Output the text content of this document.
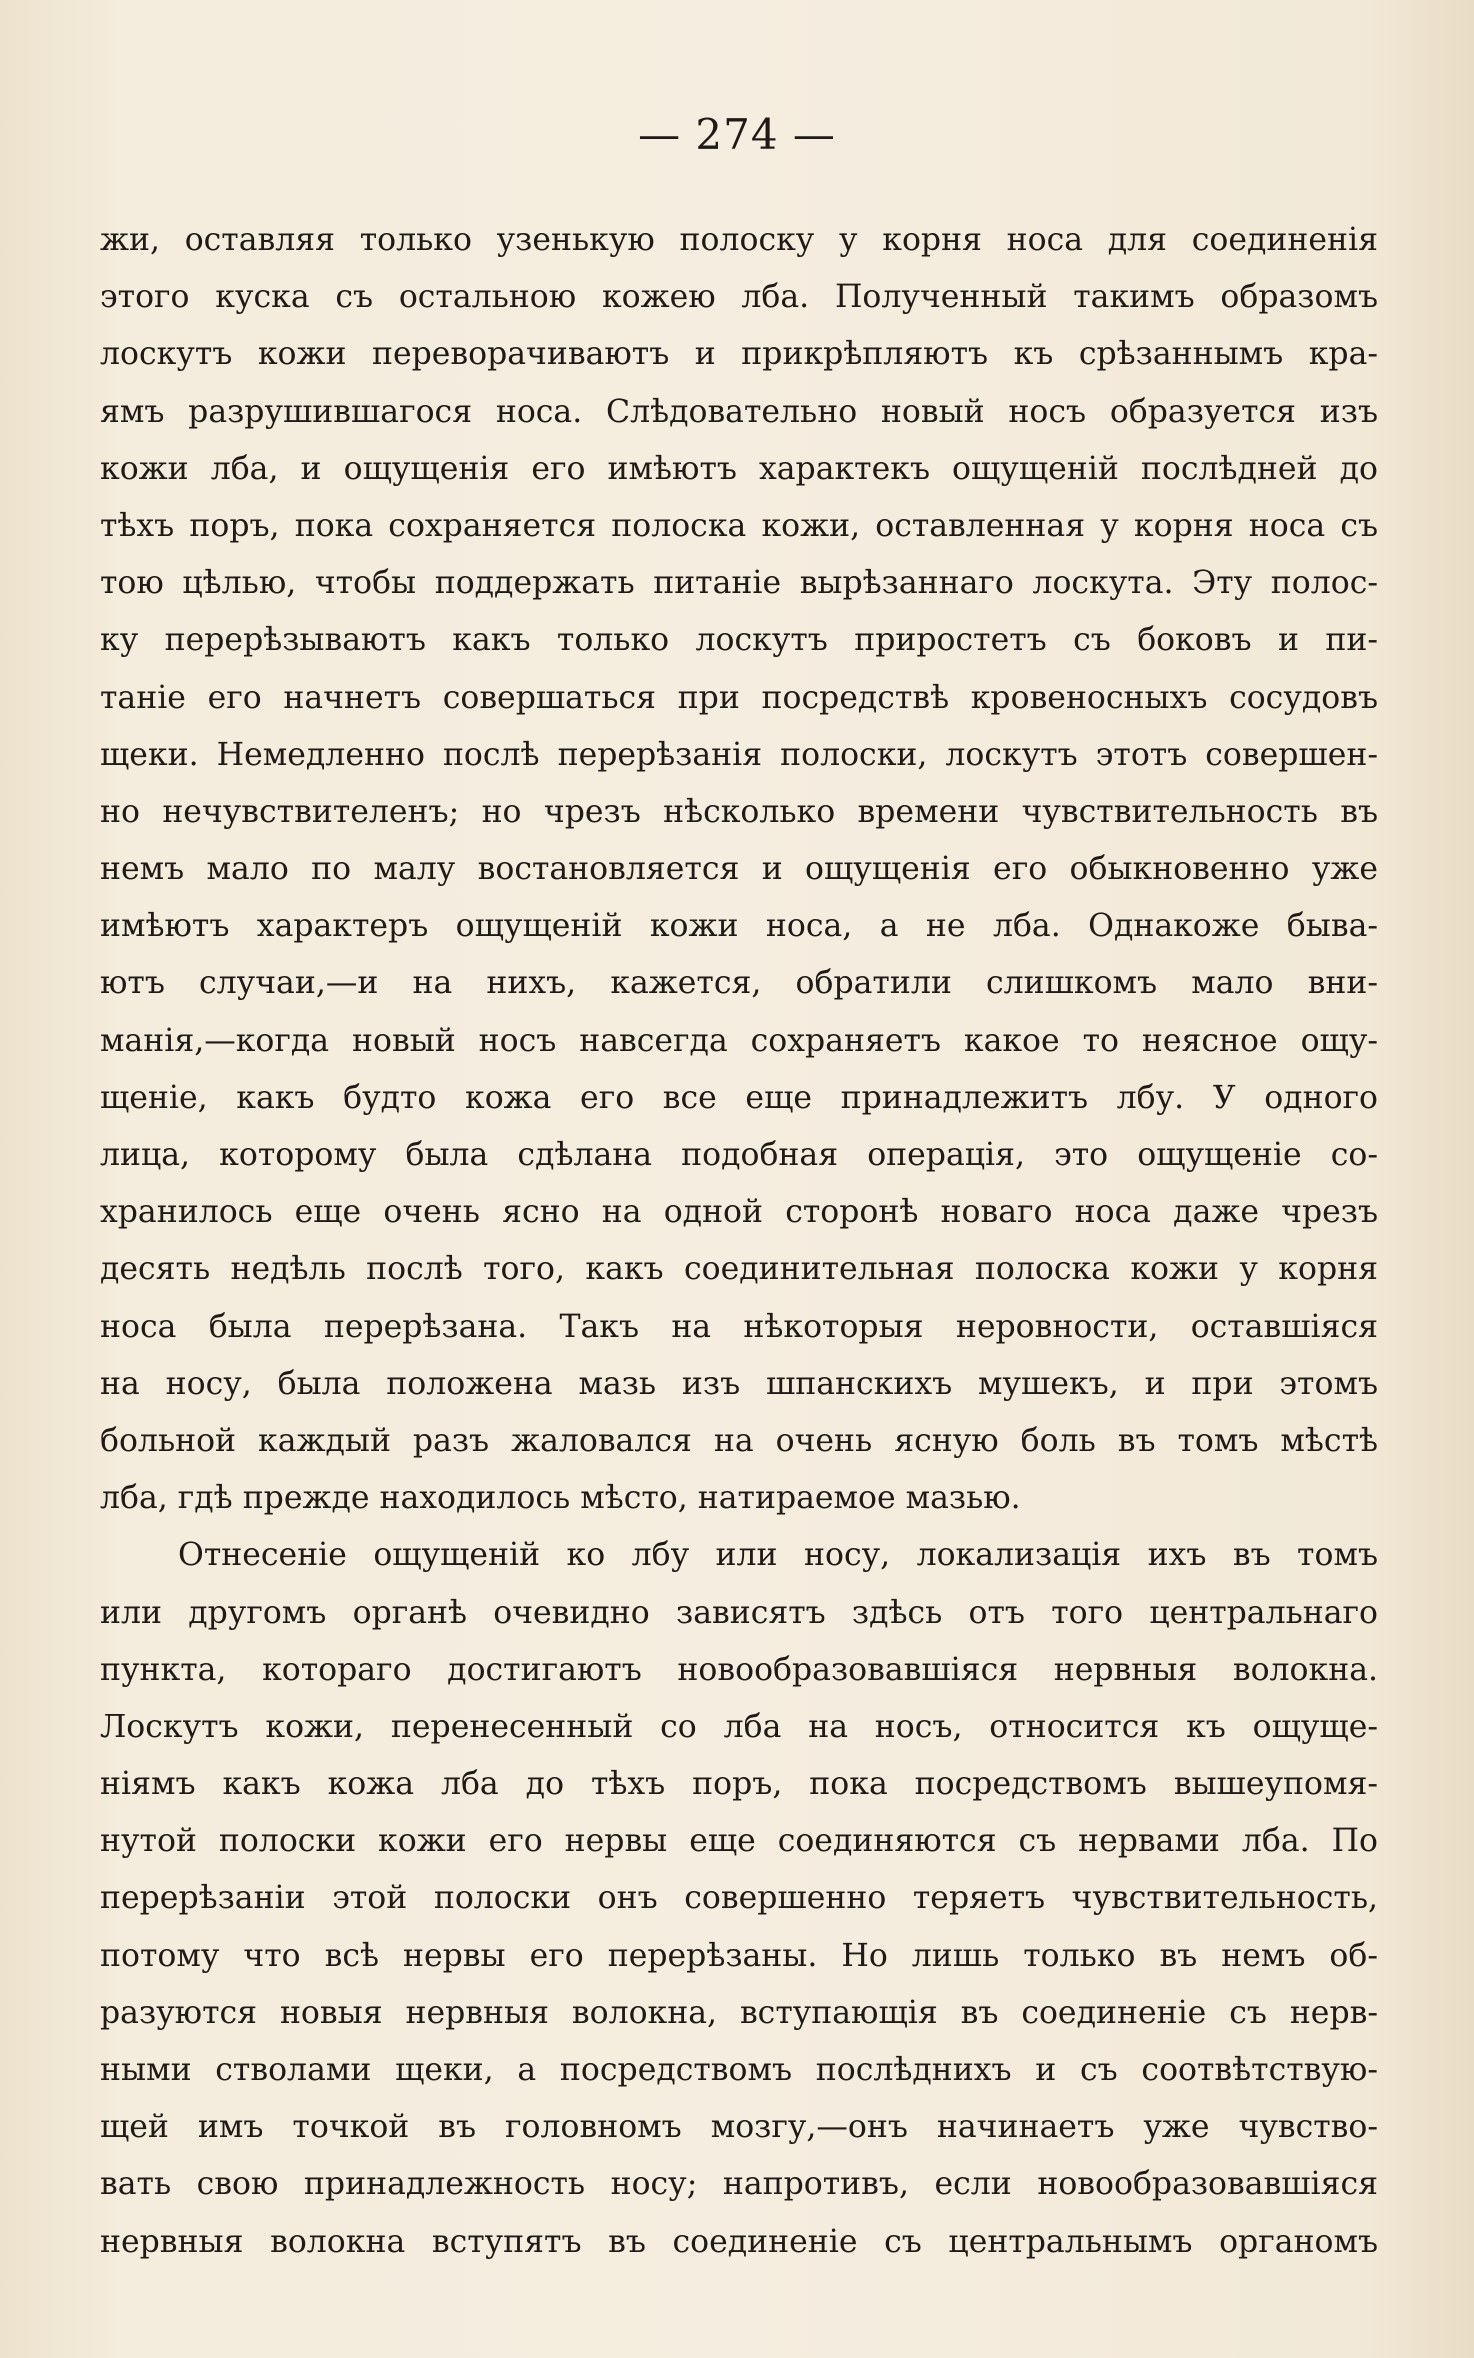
— 274 —
жи, оставляя только узенькую полоску у корня носа для соединенія
этого куска съ остальною кожею лба. Полученный такимъ образомъ
лоскутъ кожи переворачиваютъ и прикрѣпляютъ къ срѣзаннымъ кра-
ямъ разрушившагося носа. Слѣдовательно новый носъ образуется изъ
кожи лба, и ощущенія его имѣютъ характекъ ощущеній послѣдней до
тѣхъ поръ, пока сохраняется полоска кожи, оставленная у корня носа съ
тою цѣлью, чтобы поддержать питаніе вырѣзаннаго лоскута. Эту полос-
ку перерѣзываютъ какъ только лоскутъ приростетъ съ боковъ и пи-
таніе его начнетъ совершаться при посредствѣ кровеносныхъ сосудовъ
щеки. Немедленно послѣ перерѣзанія полоски, лоскутъ этотъ совершен-
но нечувствителенъ; но чрезъ нѣсколько времени чувствительность въ
немъ мало по малу востановляется и ощущенія его обыкновенно уже
имѣютъ характеръ ощущеній кожи носа, а не лба. Однакоже быва-
ютъ случаи,—и на нихъ, кажется, обратили слишкомъ мало вни-
манія,—когда новый носъ навсегда сохраняетъ какое то неясное ощу-
щеніе, какъ будто кожа его все еще принадлежитъ лбу. У одного
лица, которому была сдѣлана подобная операція, это ощущеніе со-
хранилось еще очень ясно на одной сторонѣ новаго носа даже чрезъ
десять недѣль послѣ того, какъ соединительная полоска кожи у корня
носа была перерѣзана. Такъ на нѣкоторыя неровности, оставшіяся
на носу, была положена мазь изъ шпанскихъ мушекъ, и при этомъ
больной каждый разъ жаловался на очень ясную боль въ томъ мѣстѣ
лба, гдѣ прежде находилось мѣсто, натираемое мазью.
Отнесеніе ощущеній ко лбу или носу, локализація ихъ въ томъ
или другомъ органѣ очевидно зависятъ здѣсь отъ того центральнаго
пункта, котораго достигаютъ новообразовавшіяся нервныя волокна.
Лоскутъ кожи, перенесенный со лба на носъ, относится къ ощуще-
ніямъ какъ кожа лба до тѣхъ поръ, пока посредствомъ вышеупомя-
нутой полоски кожи его нервы еще соединяются съ нервами лба. По
перерѣзаніи этой полоски онъ совершенно теряетъ чувствительность,
потому что всѣ нервы его перерѣзаны. Но лишь только въ немъ об-
разуются новыя нервныя волокна, вступающія въ соединеніе съ нерв-
ными стволами щеки, а посредствомъ послѣднихъ и съ соотвѣтствую-
щей имъ точкой въ головномъ мозгу,—онъ начинаетъ уже чувство-
вать свою принадлежность носу; напротивъ, если новообразовавшіяся
нервныя волокна вступятъ въ соединеніе съ центральнымъ органомъ
